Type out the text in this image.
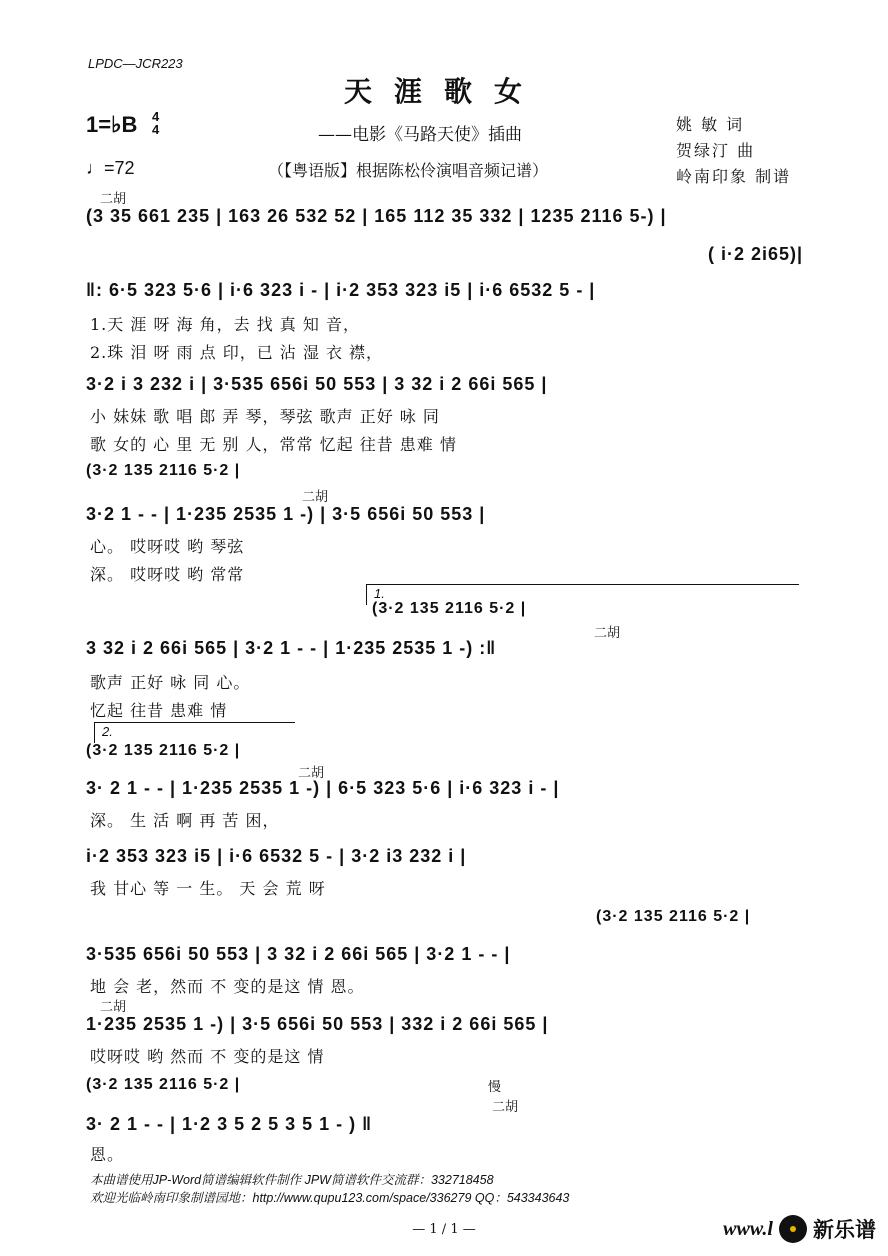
LPDC—JCR223
天涯歌女
1=♭B 4
4
♩=72
——电影《马路天使》插曲
（【粤语版】根据陈松伶演唱音频记谱）
姚 敏 词
贺绿汀 曲
岭南印象 制谱
二胡
(3 35 661 235 | 163 26 532 52 | 165 112 35 332 | 1235 2116 5-) |
( i·2 2i65)|
‖: 6·5 323 5·6 | i·6 323 i - | i·2 353 323 i5 | i·6 6532 5 - |
1.天 涯 呀 海 角，去 找 真 知 音，
2.珠 泪 呀 雨 点 印，已 沾 湿 衣 襟，
3·2 i 3 232 i | 3·535 656i 50 553 | 3 32 i 2 66i 565 |
小 妹妹 歌 唱 郎 弄 琴，琴弦 歌声 正好 咏 同
歌 女的 心 里 无 别 人，常常 忆起 往昔 患难 情
(3·2 135 2116 5·2 |
二胡
3·2 1 - - | 1·235 2535 1 -) | 3·5 656i 50 553 |
心。 哎呀哎 哟 琴弦
深。 哎呀哎 哟 常常
1.
(3·2 135 2116 5·2 |
二胡
3 32 i 2 66i 565 | 3·2 1 - - | 1·235 2535 1 -) :‖
歌声 正好 咏 同 心。
忆起 往昔 患难 情
2.
(3·2 135 2116 5·2 |
二胡
3· 2 1 - - | 1·235 2535 1 -) | 6·5 323 5·6 | i·6 323 i - |
深。 生 活 啊 再 苦 困，
i·2 353 323 i5 | i·6 6532 5 - | 3·2 i3 232 i |
我 甘心 等 一 生。 天 会 荒 呀
(3·2 135 2116 5·2 |
3·535 656i 50 553 | 3 32 i 2 66i 565 | 3·2 1 - - |
地 会 老，然而 不 变的是这 情 恩。
二胡
1·235 2535 1 -) | 3·5 656i 50 553 | 332 i 2 66i 565 |
哎呀哎 哟 然而 不 变的是这 情
(3·2 135 2116 5·2 |	慢
二胡
3· 2 1 - - | 1·2 3 5 2 5 3 5 1 - ) ‖
恩。
本曲谱使用JP-Word简谱编辑软件制作 JPW简谱软件交流群：332718458
欢迎光临岭南印象制谱园地：http://www.qupu123.com/space/336279 QQ：543343643
— 1 / 1 —	www.l 新乐谱
